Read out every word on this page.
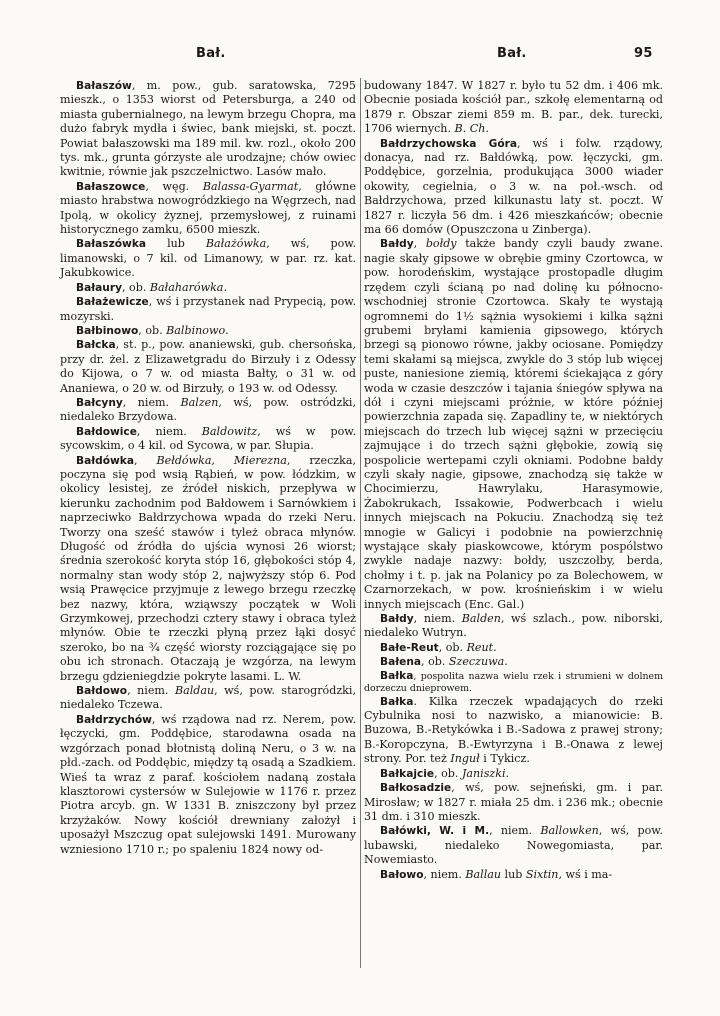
Bał.	Bał.	95

Bałaszów, m. pow., gub. saratowska, 7295 mieszk., o 1353 wiorst od Petersburga, a 240 od miasta gubernialnego, na lewym brzegu Chopra, ma dużo fabryk mydła i świec, bank miejski, st. poczt. Powiat bałaszowski ma 189 mil. kw. rozl., około 200 tys. mk., grunta górzyste ale urodzajne; chów owiec kwitnie, równie jak pszczelnictwo. Lasów mało.

Bałaszowce, węg. Balassa-Gyarmat, główne miasto hrabstwa nowogródzkiego na Węgrzech, nad Ipolą, w okolicy żyznej, przemysłowej, z ruinami historycznego zamku, 6500 mieszk.

Bałaszówka lub Bałażówka, wś, pow. limanowski, o 7 kil. od Limanowy, w par. rz. kat. Jakubkowice.

Bałaury, ob. Bałaharówka.

Bałażewicze, wś i przystanek nad Prypecią, pow. mozyrski.

Bałbinowo, ob. Balbinowo.

Bałcka, st. p., pow. ananiewski, gub. chersońska, przy dr. żel. z Elizawetgradu do Birzuły i z Odessy do Kijowa, o 7 w. od miasta Bałty, o 31 w. od Ananiewa, o 20 w. od Birzuły, o 193 w. od Odessy.

Bałcyny, niem. Balzen, wś, pow. ostródzki, niedaleko Brzydowa.

Bałdowice, niem. Baldowitz, wś w pow. sycowskim, o 4 kil. od Sycowa, w par. Słupia.

Bałdówka, Bełdówka, Mierezna, rzeczka, poczyna się pod wsią Rąbień, w pow. łódzkim, w okolicy lesistej, ze źródeł niskich, przepływa w kierunku zachodnim pod Bałdowem i Sarnówkiem i naprzeciwko Bałdrzychowa wpada do rzeki Neru. Tworzy ona sześć stawów i tyleż obraca młynów. Długość od źródła do ujścia wynosi 26 wiorst; średnia szerokość koryta stóp 16, głębokości stóp 4, normalny stan wody stóp 2, najwyższy stóp 6. Pod wsią Prawęcice przyjmuje z lewego brzegu rzeczkę bez nazwy, która, wziąwszy początek w Woli Grzymkowej, przechodzi cztery stawy i obraca tyleż młynów. Obie te rzeczki płyną przez łąki dosyć szeroko, bo na ¾ część wiorsty rozciągające się po obu ich stronach. Otaczają je wzgórza, na lewym brzegu gdzieniegdzie pokryte lasami. L. W.

Bałdowo, niem. Baldau, wś, pow. starogródzki, niedaleko Tczewa.

Bałdrzychów, wś rządowa nad rz. Nerem, pow. łęczycki, gm. Poddębice, starodawna osada na wzgórzach ponad błotnistą doliną Neru, o 3 w. na płd.-zach. od Poddębic, między tą osadą a Szadkiem. Wieś ta wraz z paraf. kościołem nadaną została klasztorowi cystersów w Sulejowie w 1176 r. przez Piotra arcyb. gn. W 1331 B. zniszczony był przez krzyżaków. Nowy kościół drewniany założył i uposażył Mszczug opat sulejowski 1491. Murowany wzniesiono 1710 r.; po spaleniu 1824 nowy od-

budowany 1847. W 1827 r. było tu 52 dm. i 406 mk. Obecnie posiada kościół par., szkołę elementarną od 1879 r. Obszar ziemi 859 m. B. par., dek. turecki, 1706 wiernych. B. Ch.

Bałdrzychowska Góra, wś i folw. rządowy, donacya, nad rz. Bałdówką, pow. łęczycki, gm. Poddębice, gorzelnia, produkująca 3000 wiader okowity, cegielnia, o 3 w. na poł.-wsch. od Bałdrzychowa, przed kilkunastu laty st. poczt. W 1827 r. liczyła 56 dm. i 426 mieszkańców; obecnie ma 66 domów (Opuszczona u Zinberga).

Bałdy, bołdy także bandy czyli baudy zwane. nagie skały gipsowe w obrębie gminy Czortowca, w pow. horodeńskim, wystające prostopadle długim rzędem czyli ścianą po nad dolinę ku północno-wschodniej stronie Czortowca. Skały te wystają ogromnemi do 1½ sążnia wysokiemi i kilka sążni grubemi bryłami kamienia gipsowego, których brzegi są pionowo równe, jakby ociosane. Pomiędzy temi skałami są miejsca, zwykle do 3 stóp lub więcej puste, naniesione ziemią, któremi ściekająca z góry woda w czasie deszczów i tajania śniegów spływa na dół i czyni miejscami próżnie, w które później powierzchnia zapada się. Zapadliny te, w niektórych miejscach do trzech lub więcej sążni w przecięciu zajmujące i do trzech sążni głębokie, zowią się pospolicie wertepami czyli okniami. Podobne bałdy czyli skały nagie, gipsowe, znachodzą się także w Chocimierzu, Hawrylaku, Harasymowie, Żabokrukach, Issakowie, Podwerbcach i wielu innych miejscach na Pokuciu. Znachodzą się też mnogie w Galicyi i podobnie na powierzchnię wystające skały piaskowcowe, którym pospólstwo zwykle nadaje nazwy: bołdy, uszczołby, berda, chołmy i t. p. jak na Polanicy po za Bolechowem, w Czarnorzekach, w pow. krośnieńskim i w wielu innych miejscach (Enc. Gal.)

Bałdy, niem. Balden, wś szlach., pow. niborski, niedaleko Wutryn.

Bałe-Reut, ob. Reut.

Bałena, ob. Szeczuwa.

Bałka, pospolita nazwa wielu rzek i strumieni w dolnem dorzeczu dnieprowem.

Bałka. Kilka rzeczek wpadających do rzeki Cybulnika nosi to nazwisko, a mianowicie: B. Buzowa, B.-Retykówka i B.-Sadowa z prawej strony; B.-Koropczyna, B.-Ewtyrzyna i B.-Onawa z lewej strony. Por. też Inguł i Tykicz.

Bałkajcie, ob. Janiszki.

Bałkosadzie, wś, pow. sejneński, gm. i par. Mirosław; w 1827 r. miała 25 dm. i 236 mk.; obecnie 31 dm. i 310 mieszk.

Bałówki, W. i M., niem. Ballowken, wś, pow. lubawski, niedaleko Nowegomiasta, par. Nowemiasto.

Bałowo, niem. Ballau lub Sixtin, wś i ma-
